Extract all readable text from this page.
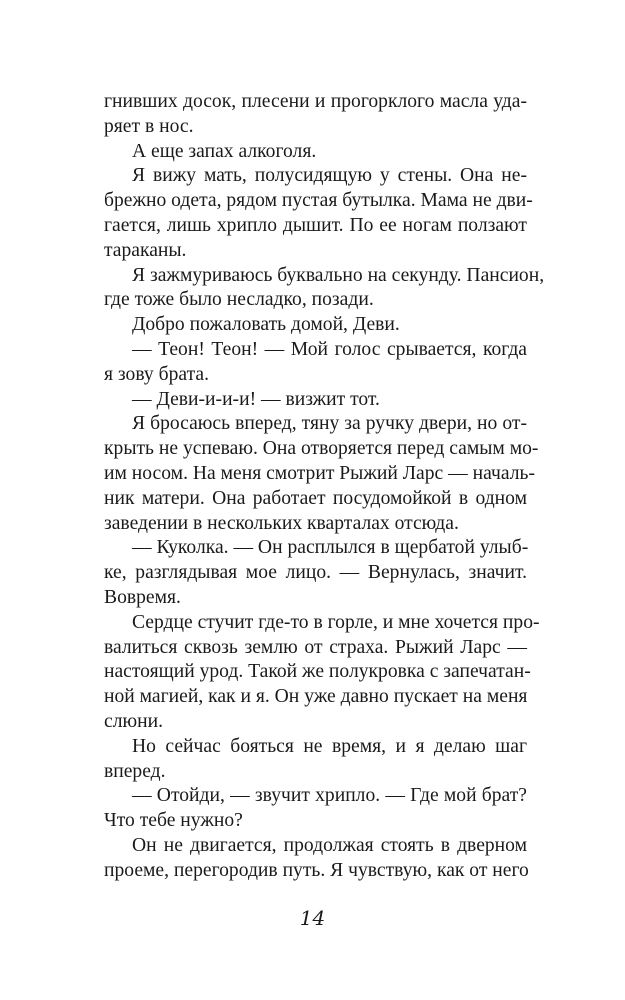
гнивших досок, плесени и прогорклого масла уда-
ряет в нос.
А еще запах алкоголя.
Я вижу мать, полусидящую у стены. Она не-
брежно одета, рядом пустая бутылка. Мама не дви-
гается, лишь хрипло дышит. По ее ногам ползают
тараканы.
Я зажмуриваюсь буквально на секунду. Пансион,
где тоже было несладко, позади.
Добро пожаловать домой, Деви.
— Теон! Теон! — Мой голос срывается, когда
я зову брата.
— Деви-и-и-и! — визжит тот.
Я бросаюсь вперед, тяну за ручку двери, но от-
крыть не успеваю. Она отворяется перед самым мо-
им носом. На меня смотрит Рыжий Ларс — началь-
ник матери. Она работает посудомойкой в одном
заведении в нескольких кварталах отсюда.
— Куколка. — Он расплылся в щербатой улыб-
ке, разглядывая мое лицо. — Вернулась, значит.
Вовремя.
Сердце стучит где-то в горле, и мне хочется про-
валиться сквозь землю от страха. Рыжий Ларс —
настоящий урод. Такой же полукровка с запечатан-
ной магией, как и я. Он уже давно пускает на меня
слюни.
Но сейчас бояться не время, и я делаю шаг
вперед.
— Отойди, — звучит хрипло. — Где мой брат?
Что тебе нужно?
Он не двигается, продолжая стоять в дверном
проеме, перегородив путь. Я чувствую, как от него
14
